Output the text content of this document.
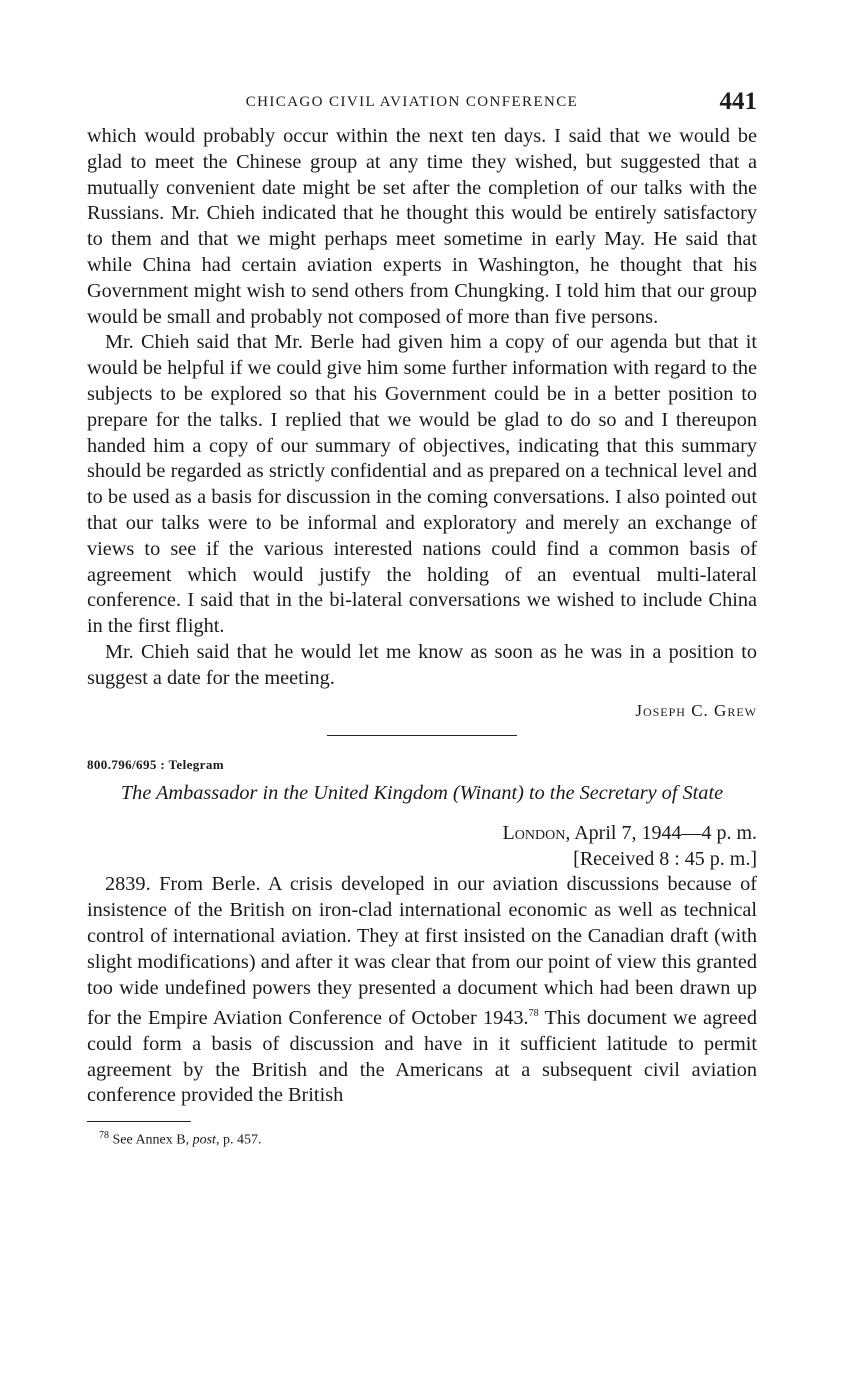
CHICAGO CIVIL AVIATION CONFERENCE	441

which would probably occur within the next ten days. I said that we would be glad to meet the Chinese group at any time they wished, but suggested that a mutually convenient date might be set after the completion of our talks with the Russians. Mr. Chieh indicated that he thought this would be entirely satisfactory to them and that we might perhaps meet sometime in early May. He said that while China had certain aviation experts in Washington, he thought that his Government might wish to send others from Chungking. I told him that our group would be small and probably not composed of more than five persons.

Mr. Chieh said that Mr. Berle had given him a copy of our agenda but that it would be helpful if we could give him some further information with regard to the subjects to be explored so that his Government could be in a better position to prepare for the talks. I replied that we would be glad to do so and I thereupon handed him a copy of our summary of objectives, indicating that this summary should be regarded as strictly confidential and as prepared on a technical level and to be used as a basis for discussion in the coming conversations. I also pointed out that our talks were to be informal and exploratory and merely an exchange of views to see if the various interested nations could find a common basis of agreement which would justify the holding of an eventual multi-lateral conference. I said that in the bi-lateral conversations we wished to include China in the first flight.

Mr. Chieh said that he would let me know as soon as he was in a position to suggest a date for the meeting.

Joseph C. Grew
800.796/695 : Telegram
The Ambassador in the United Kingdom (Winant) to the Secretary of State
London, April 7, 1944—4 p. m.
[Received 8 : 45 p. m.]

2839. From Berle. A crisis developed in our aviation discussions because of insistence of the British on iron-clad international economic as well as technical control of international aviation. They at first insisted on the Canadian draft (with slight modifications) and after it was clear that from our point of view this granted too wide undefined powers they presented a document which had been drawn up for the Empire Aviation Conference of October 1943.78 This document we agreed could form a basis of discussion and have in it sufficient latitude to permit agreement by the British and the Americans at a subsequent civil aviation conference provided the British

$^{78}$ See Annex B, post, p. 457.
